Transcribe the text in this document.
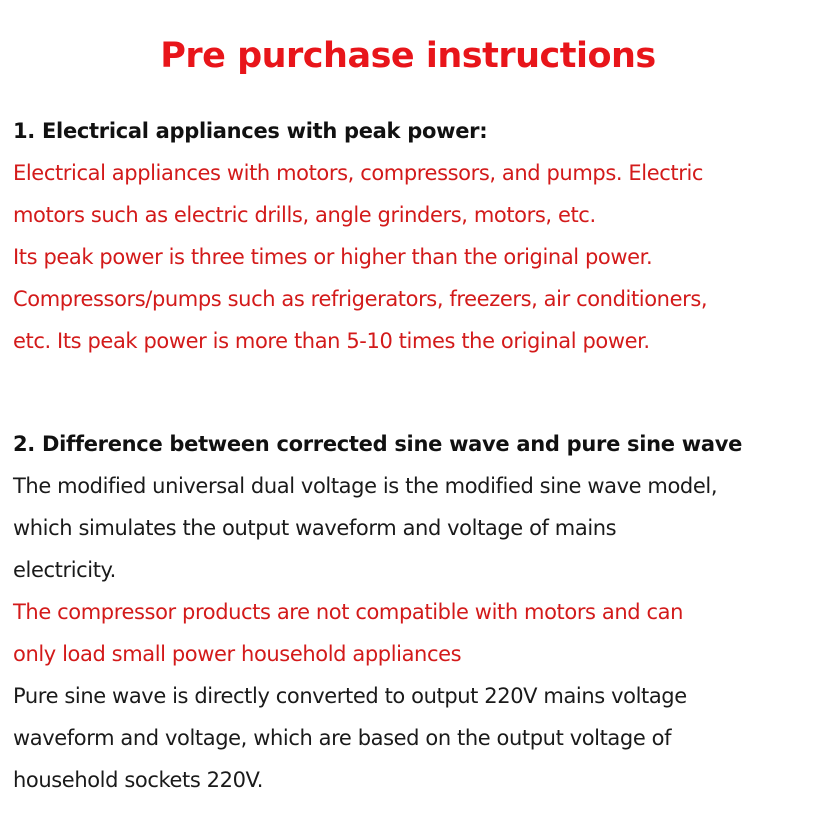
Pre purchase instructions

1. Electrical appliances with peak power:

Electrical appliances with motors, compressors, and pumps. Electric

motors such as electric drills, angle grinders, motors, etc.

Its peak power is three times or higher than the original power.

Compressors/pumps such as refrigerators, freezers, air conditioners,

etc. Its peak power is more than 5-10 times the original power.

2. Difference between corrected sine wave and pure sine wave

The modified universal dual voltage is the modified sine wave model,

which simulates the output waveform and voltage of mains

electricity.

The compressor products are not compatible with motors and can

only load small power household appliances

Pure sine wave is directly converted to output 220V mains voltage

waveform and voltage, which are based on the output voltage of

household sockets 220V.
